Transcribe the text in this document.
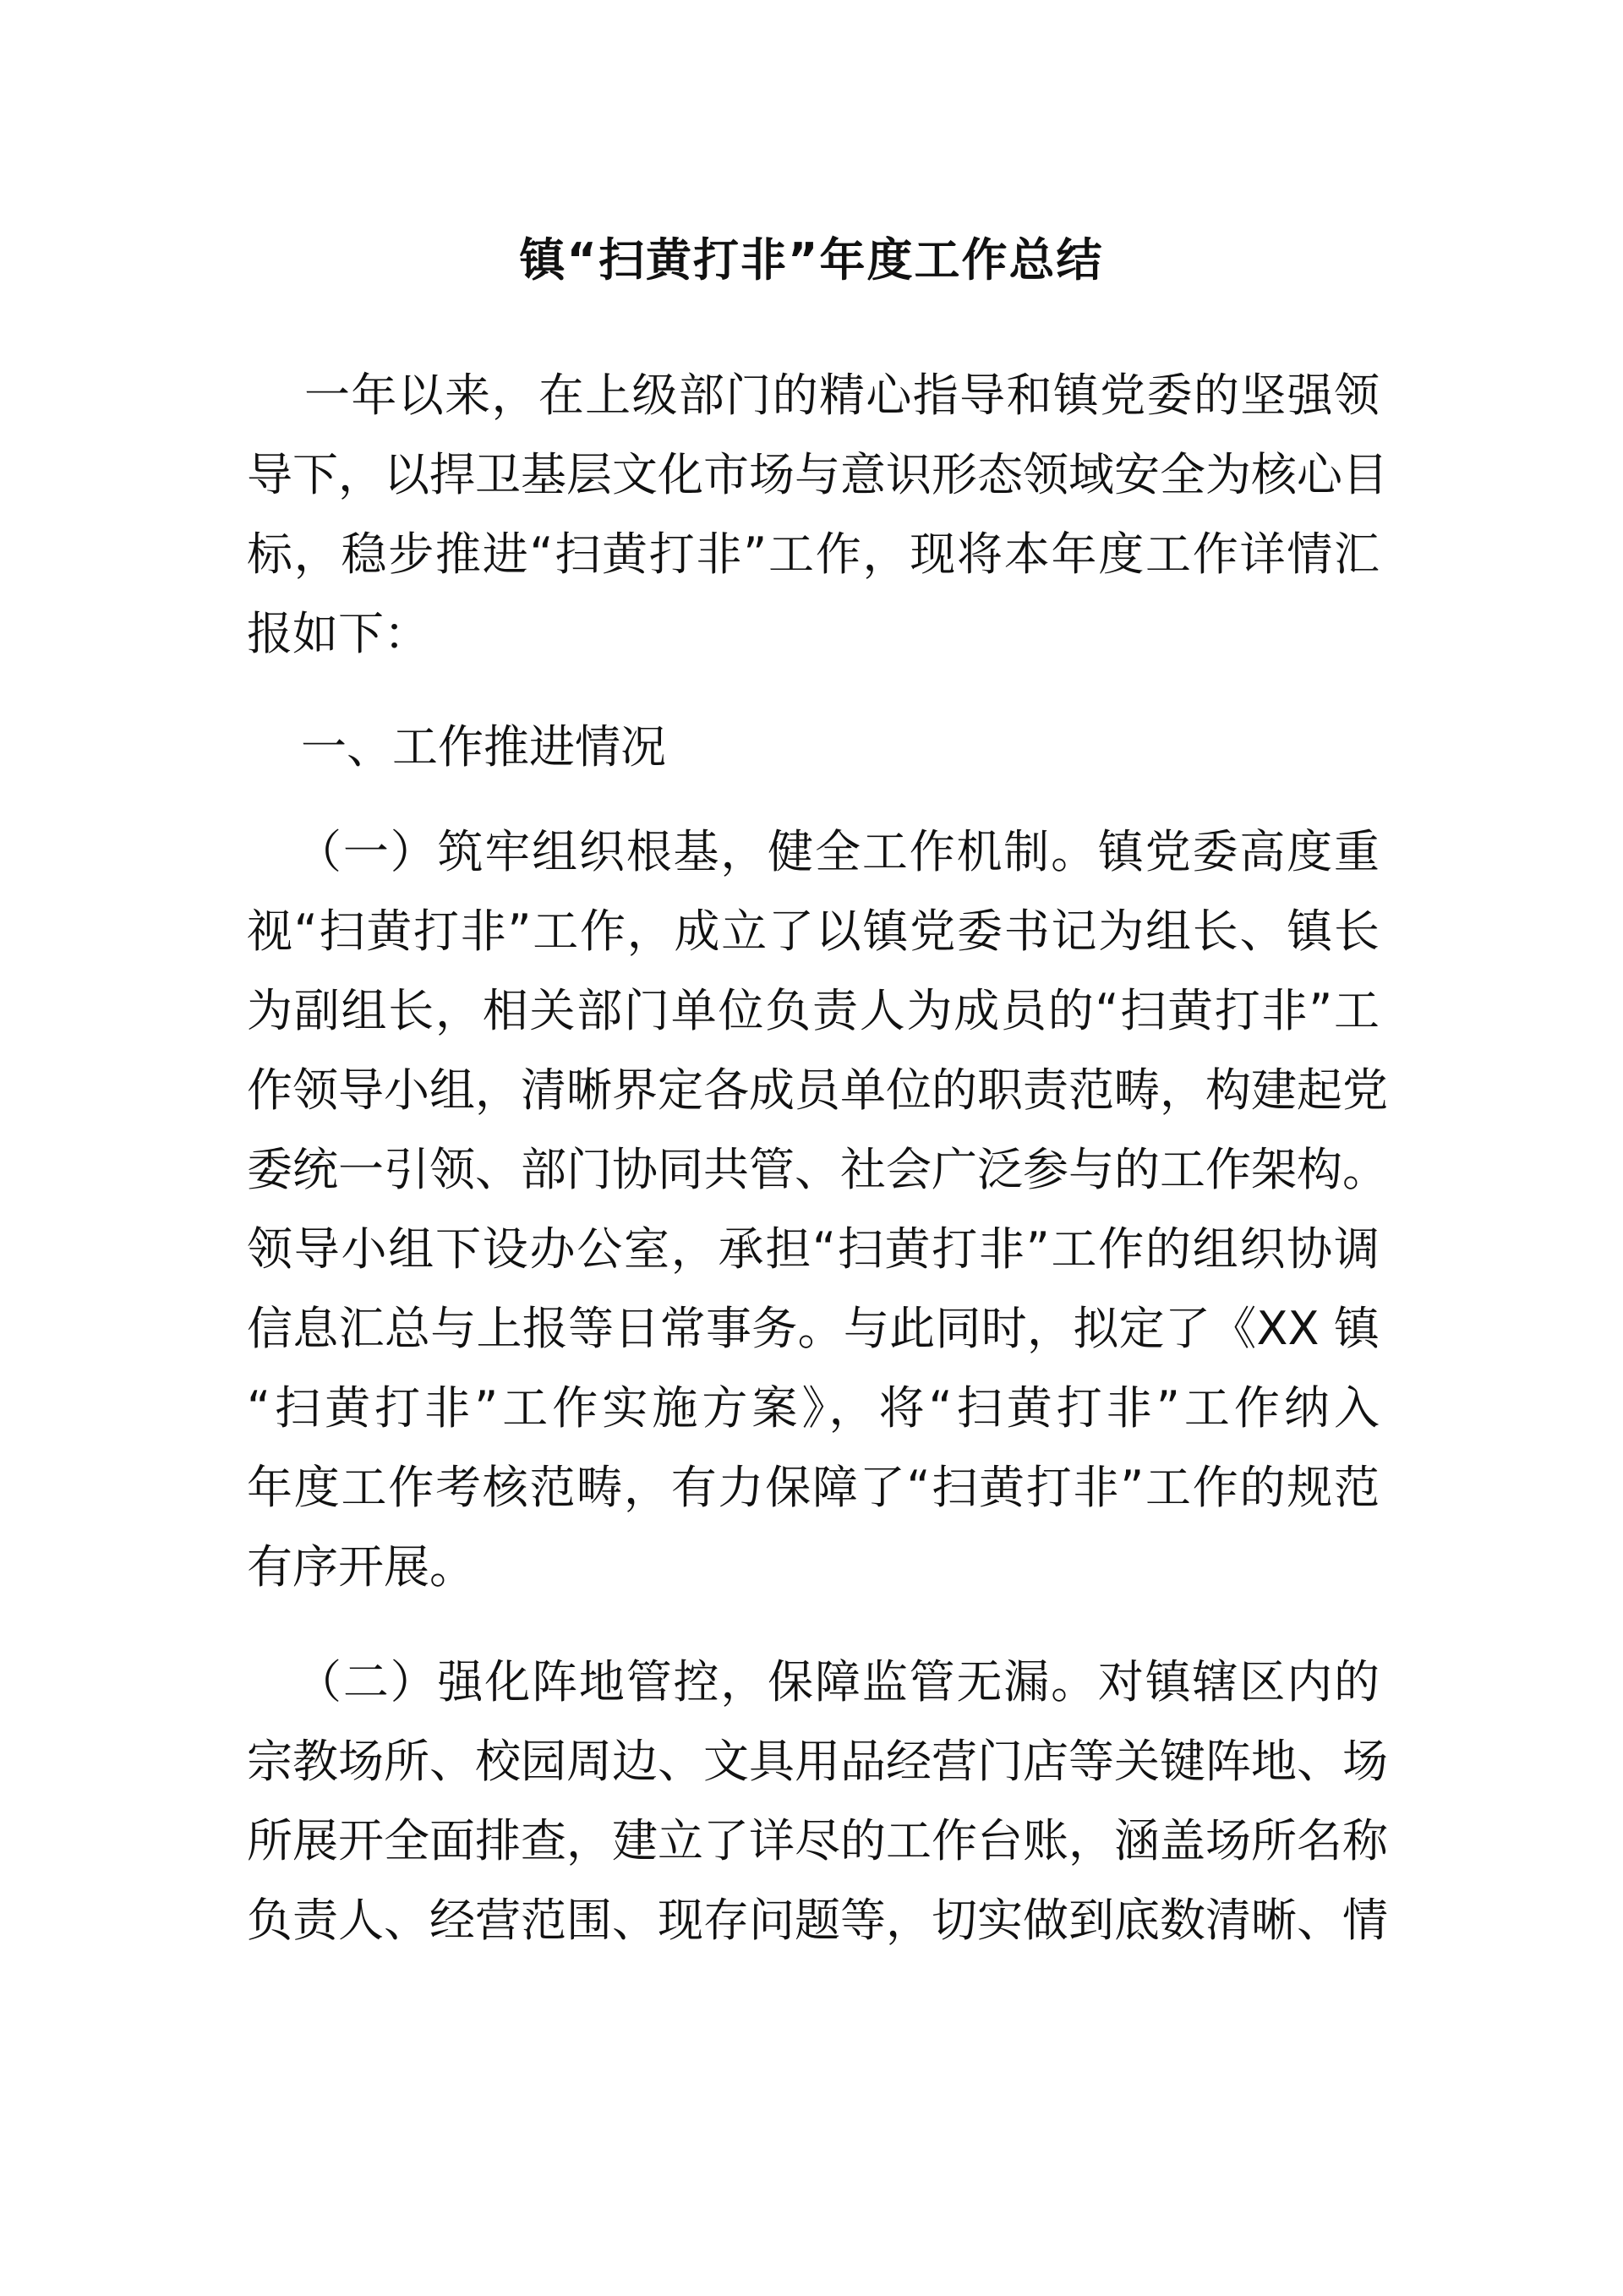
镇“扫黄打非”年度工作总结
一年以来，在上级部门的精心指导和镇党委的坚强领
导下，以捍卫基层文化市场与意识形态领域安全为核心目
标，稳步推进“扫黄打非”工作，现将本年度工作详情汇
报如下：
一、工作推进情况
（一）筑牢组织根基，健全工作机制。镇党委高度重
视“扫黄打非”工作，成立了以镇党委书记为组长、镇长
为副组长，相关部门单位负责人为成员的“扫黄打非”工
作领导小组，清晰界定各成员单位的职责范畴，构建起党
委统一引领、部门协同共管、社会广泛参与的工作架构。
领导小组下设办公室，承担“扫黄打非”工作的组织协调
信息汇总与上报等日常事务。与此同时，拟定了《XX 镇
“扫黄打非”工作实施方案》，将“扫黄打非”工作纳入
年度工作考核范畴，有力保障了“扫黄打非”工作的规范
有序开展。
（二）强化阵地管控，保障监管无漏。对镇辖区内的
宗教场所、校园周边、文具用品经营门店等关键阵地、场
所展开全面排查，建立了详尽的工作台账，涵盖场所名称
负责人、经营范围、现存问题等，切实做到底数清晰、情
